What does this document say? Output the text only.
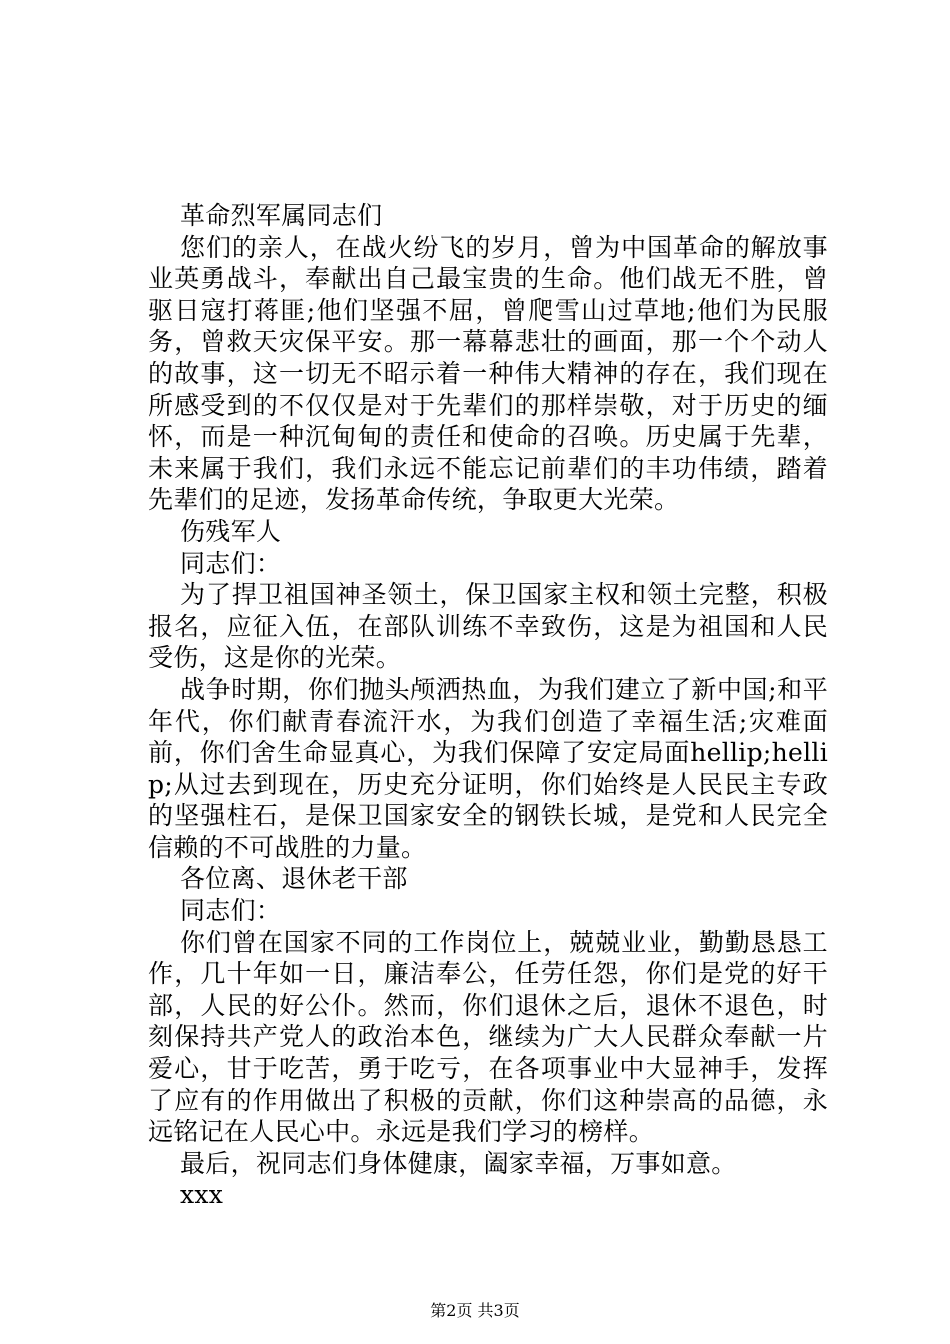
革命烈军属同志们

您们的亲人，在战火纷飞的岁月，曾为中国革命的解放事业英勇战斗，奉献出自己最宝贵的生命。他们战无不胜，曾驱日寇打蒋匪;他们坚强不屈，曾爬雪山过草地;他们为民服务，曾救天灾保平安。那一幕幕悲壮的画面，那一个个动人的故事，这一切无不昭示着一种伟大精神的存在，我们现在所感受到的不仅仅是对于先辈们的那样崇敬，对于历史的缅怀，而是一种沉甸甸的责任和使命的召唤。历史属于先辈，未来属于我们，我们永远不能忘记前辈们的丰功伟绩，踏着先辈们的足迹，发扬革命传统，争取更大光荣。

伤残军人

同志们：

为了捍卫祖国神圣领土，保卫国家主权和领土完整，积极报名，应征入伍，在部队训练不幸致伤，这是为祖国和人民受伤，这是你的光荣。

战争时期，你们抛头颅洒热血，为我们建立了新中国;和平年代，你们献青春流汗水，为我们创造了幸福生活;灾难面前，你们舍生命显真心，为我们保障了安定局面hellip;hellip;从过去到现在，历史充分证明，你们始终是人民民主专政的坚强柱石，是保卫国家安全的钢铁长城，是党和人民完全信赖的不可战胜的力量。

各位离、退休老干部

同志们：

你们曾在国家不同的工作岗位上，兢兢业业，勤勤恳恳工作，几十年如一日，廉洁奉公，任劳任怨，你们是党的好干部，人民的好公仆。然而，你们退休之后，退休不退色，时刻保持共产党人的政治本色，继续为广大人民群众奉献一片爱心，甘于吃苦，勇于吃亏，在各项事业中大显神手，发挥了应有的作用做出了积极的贡献，你们这种崇高的品德，永远铭记在人民心中。永远是我们学习的榜样。

最后，祝同志们身体健康，阖家幸福，万事如意。

xxx

第2页 共3页
